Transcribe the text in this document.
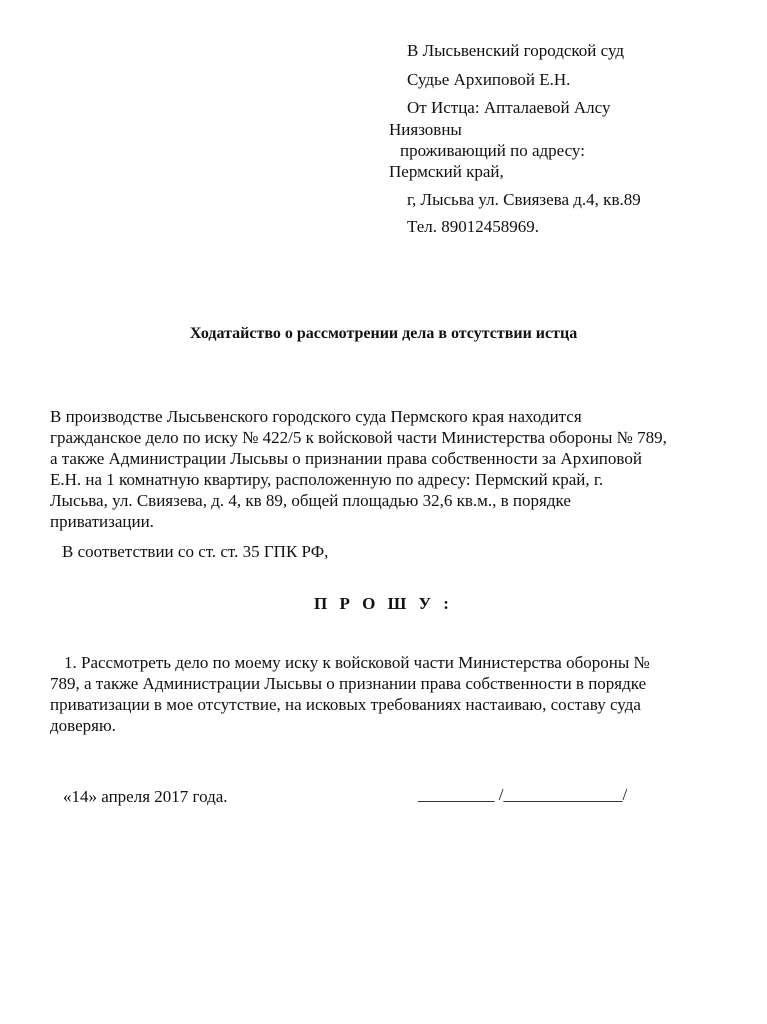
В Лысьвенский городской суд
Судье Архиповой Е.Н.
От Истца: Апталаевой Алсу
Ниязовны
проживающий по адресу:
Пермский край,
г, Лысьва ул. Свиязева д.4, кв.89
Тел. 89012458969.
Ходатайство о рассмотрении дела в отсутствии истца
В производстве Лысьвенского городского суда Пермского края находится
гражданское дело по иску № 422/5 к войсковой части Министерства обороны № 789,
а также Администрации Лысьвы о признании права собственности за Архиповой
Е.Н. на 1 комнатную квартиру, расположенную по адресу: Пермский край, г.
Лысьва, ул. Свиязева, д. 4, кв 89, общей площадью 32,6 кв.м., в порядке
приватизации.
В соответствии со ст. ст. 35 ГПК РФ,
П Р О Ш У :
1. Рассмотреть дело по моему иску к войсковой части Министерства обороны №
789, а также Администрации Лысьвы о признании права собственности в порядке
приватизации в мое отсутствие, на исковых требованиях настаиваю, составу суда
доверяю.
«14» апреля 2017 года.	_________ /______________/
